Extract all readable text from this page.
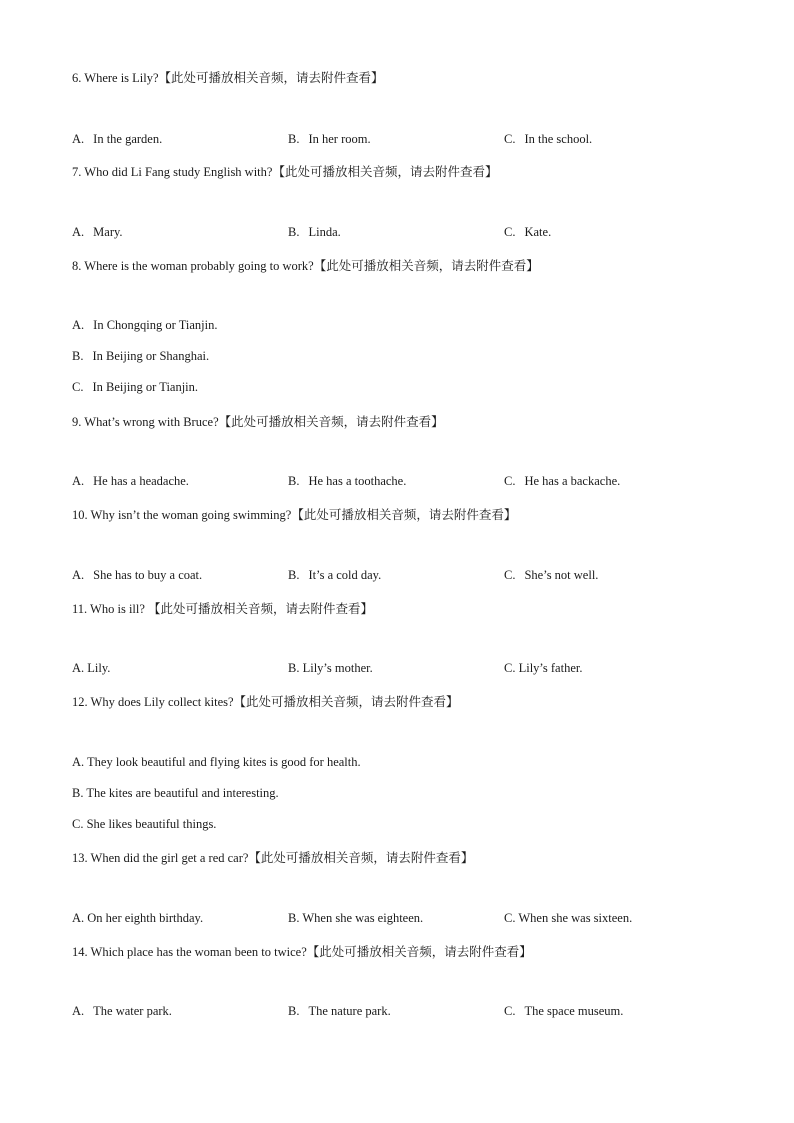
6. Where is Lily?【此处可播放相关音频，请去附件查看】
A. In the garden.	B. In her room.	C. In the school.
7. Who did Li Fang study English with?【此处可播放相关音频，请去附件查看】
A. Mary.	B. Linda.	C. Kate.
8. Where is the woman probably going to work?【此处可播放相关音频，请去附件查看】
A. In Chongqing or Tianjin.
B. In Beijing or Shanghai.
C. In Beijing or Tianjin.
9. What’s wrong with Bruce?【此处可播放相关音频，请去附件查看】
A. He has a headache.	B. He has a toothache.	C. He has a backache.
10. Why isn’t the woman going swimming?【此处可播放相关音频，请去附件查看】
A. She has to buy a coat.	B. It’s a cold day.	C. She’s not well.
11. Who is ill? 【此处可播放相关音频，请去附件查看】
A. Lily.	B. Lily’s mother.	C. Lily’s father.
12. Why does Lily collect kites?【此处可播放相关音频，请去附件查看】
A. They look beautiful and flying kites is good for health.
B. The kites are beautiful and interesting.
C. She likes beautiful things.
13. When did the girl get a red car?【此处可播放相关音频，请去附件查看】
A. On her eighth birthday.	B. When she was eighteen.	C. When she was sixteen.
14. Which place has the woman been to twice?【此处可播放相关音频，请去附件查看】
A. The water park.	B. The nature park.	C. The space museum.
